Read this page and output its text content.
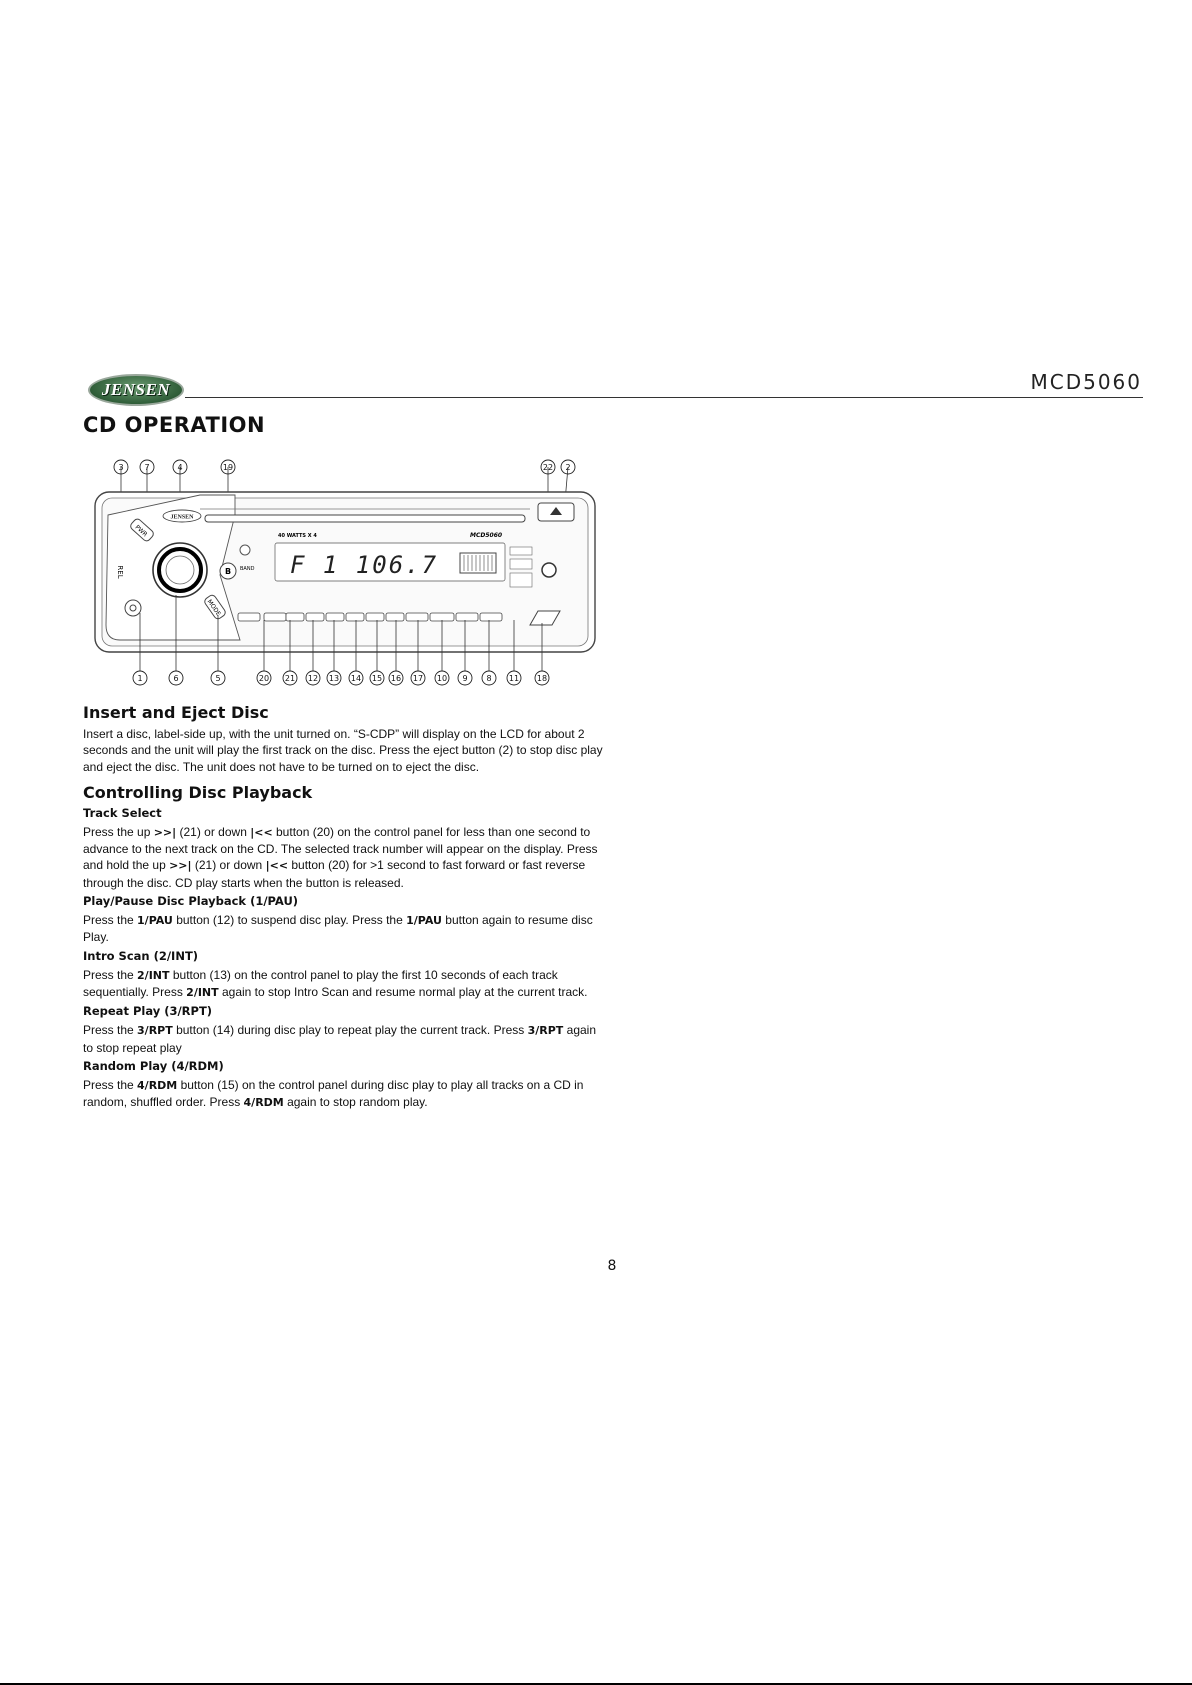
JENSEN	MCD5060
CD OPERATION
3	7	4	19	22 2
JENSEN
PWR
REL
MODE
B BAND
40 WATTS X 4	MCD5060
F 1 106.7
1	6	5	20 21 12 13 14 15 16 17 10 9 8 11 18
Insert and Eject Disc

Insert a disc, label-side up, with the unit turned on. “S-CDP” will display on the LCD for about 2 seconds and the unit will play the first track on the disc. Press the eject button (2) to stop disc play and eject the disc. The unit does not have to be turned on to eject the disc.

Controlling Disc Playback
Track Select

Press the up >>| (21) or down |<< button (20) on the control panel for less than one second to advance to the next track on the CD. The selected track number will appear on the display. Press and hold the up >>| (21) or down |<< button (20) for >1 second to fast forward or fast reverse through the disc. CD play starts when the button is released.

Play/Pause Disc Playback (1/PAU)

Press the 1/PAU button (12) to suspend disc play. Press the 1/PAU button again to resume disc Play.

Intro Scan (2/INT)

Press the 2/INT button (13) on the control panel to play the first 10 seconds of each track sequentially. Press 2/INT again to stop Intro Scan and resume normal play at the current track.

Repeat Play (3/RPT)

Press the 3/RPT button (14) during disc play to repeat play the current track. Press 3/RPT again to stop repeat play

Random Play (4/RDM)

Press the 4/RDM button (15) on the control panel during disc play to play all tracks on a CD in random, shuffled order. Press 4/RDM again to stop random play.

8
